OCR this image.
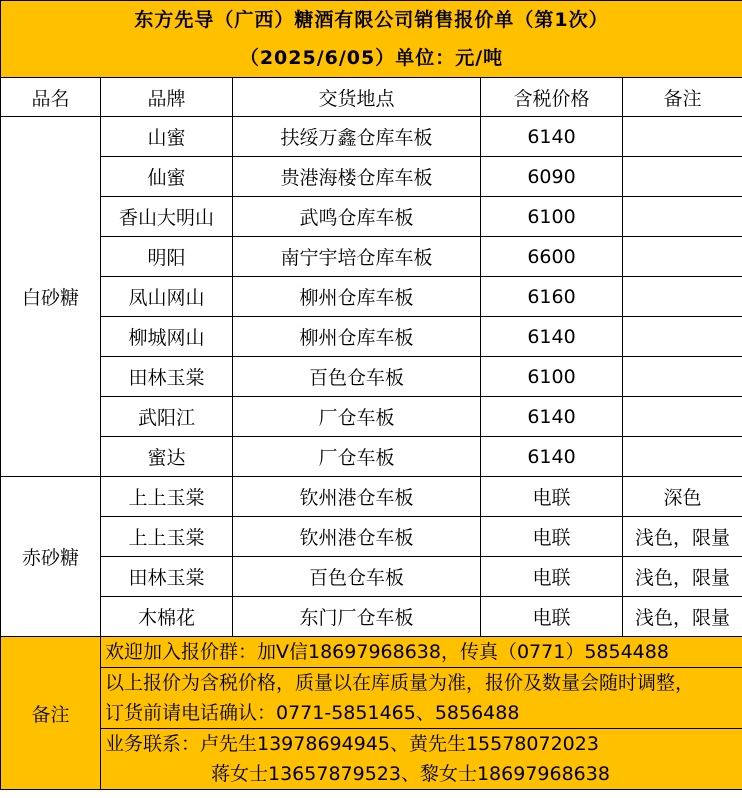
东方先导（广西）糖酒有限公司销售报价单（第1次）
（2025/6/05）单位：元/吨				

品名	品牌	交货地点	含税价格	备注
白砂糖	山蜜	扶绥万鑫仓库车板	6140	
	仙蜜	贵港海楼仓库车板	6090	
	香山大明山	武鸣仓库车板	6100	
	明阳	南宁宇培仓库车板	6600	
	凤山网山	柳州仓库车板	6160	
	柳城网山	柳州仓库车板	6140	
	田林玉棠	百色仓车板	6100	
	武阳江	厂仓车板	6140	
	蜜达	厂仓车板	6140	
赤砂糖	上上玉棠	钦州港仓车板	电联	深色
	上上玉棠	钦州港仓车板	电联	浅色，限量
	田林玉棠	百色仓车板	电联	浅色，限量
	木棉花	东门厂仓车板	电联	浅色，限量
备注	欢迎加入报价群：加V信18697968638，传真（0771）5854488			

	以上报价为含税价格，质量以在库质量为准，报价及数量会随时调整，
订货前请电话确认：0771-5851465、5856488			

	业务联系：卢先生13978694945、黄先生15578072023
蒋女士13657879523、黎女士18697968638			
